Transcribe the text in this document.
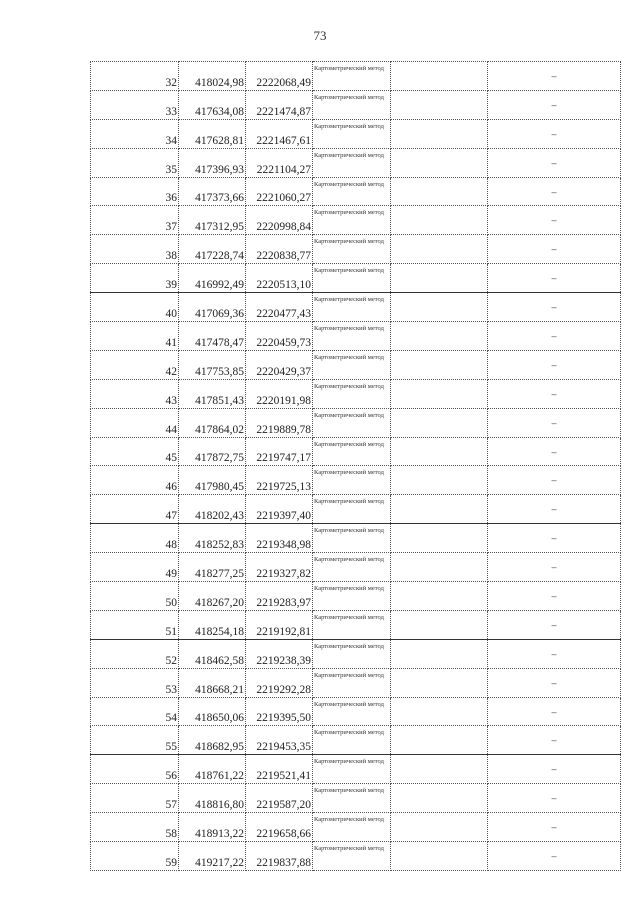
73
32	418024,98	2222068,49	Картометрический метод		–
33	417634,08	2221474,87	Картометрический метод		–
34	417628,81	2221467,61	Картометрический метод		–
35	417396,93	2221104,27	Картометрический метод		–
36	417373,66	2221060,27	Картометрический метод		–
37	417312,95	2220998,84	Картометрический метод		–
38	417228,74	2220838,77	Картометрический метод		–
39	416992,49	2220513,10	Картометрический метод		–
40	417069,36	2220477,43	Картометрический метод		–
41	417478,47	2220459,73	Картометрический метод		–
42	417753,85	2220429,37	Картометрический метод		–
43	417851,43	2220191,98	Картометрический метод		–
44	417864,02	2219889,78	Картометрический метод		–
45	417872,75	2219747,17	Картометрический метод		–
46	417980,45	2219725,13	Картометрический метод		–
47	418202,43	2219397,40	Картометрический метод		–
48	418252,83	2219348,98	Картометрический метод		–
49	418277,25	2219327,82	Картометрический метод		–
50	418267,20	2219283,97	Картометрический метод		–
51	418254,18	2219192,81	Картометрический метод		–
52	418462,58	2219238,39	Картометрический метод		–
53	418668,21	2219292,28	Картометрический метод		–
54	418650,06	2219395,50	Картометрический метод		–
55	418682,95	2219453,35	Картометрический метод		–
56	418761,22	2219521,41	Картометрический метод		–
57	418816,80	2219587,20	Картометрический метод		–
58	418913,22	2219658,66	Картометрический метод		–
59	419217,22	2219837,88	Картометрический метод		–
